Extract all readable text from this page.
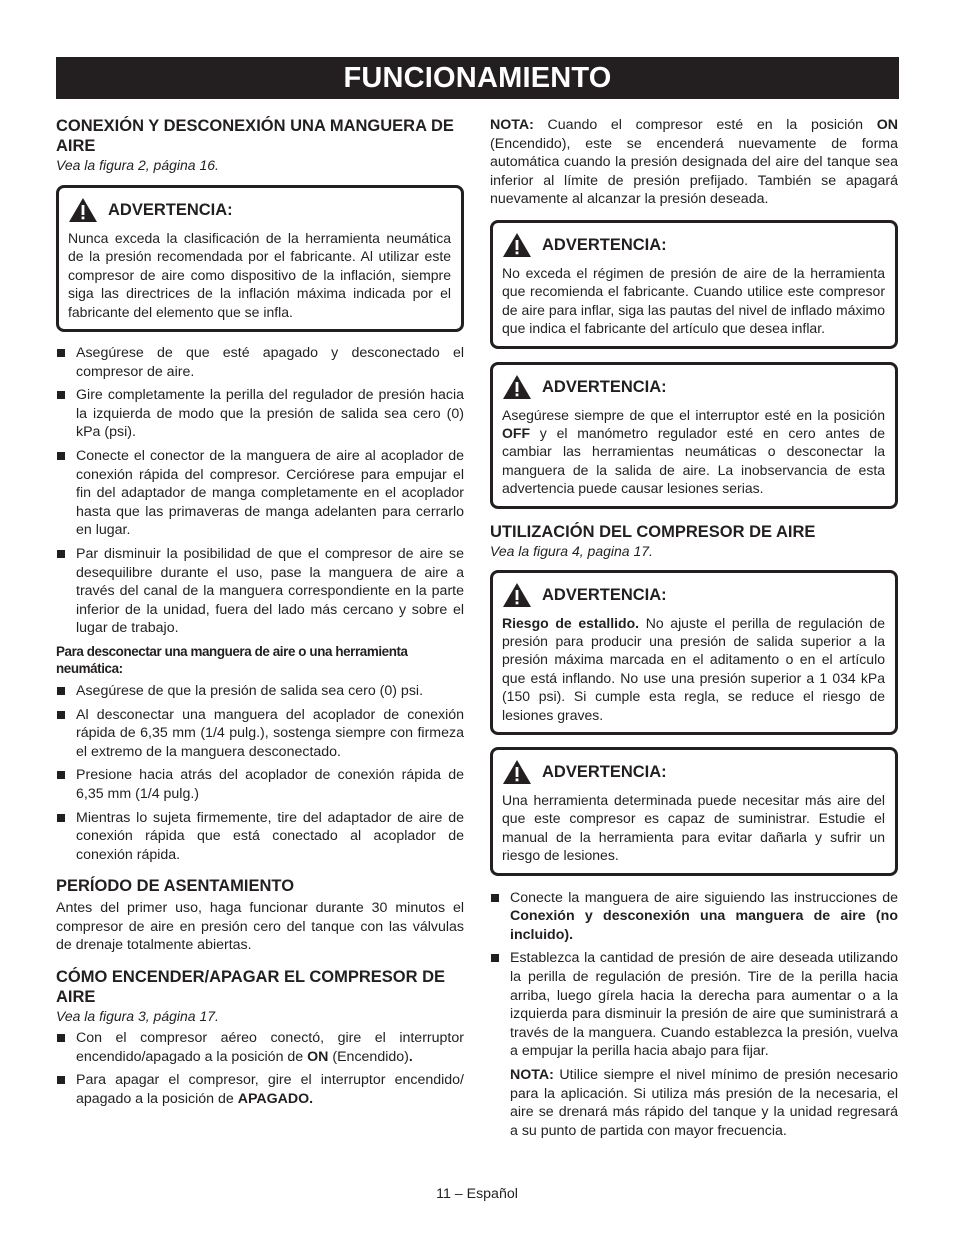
FUNCIONAMIENTO
CONEXIÓN Y DESCONEXIÓN UNA MANGUERA DE AIRE
Vea la figura 2, página 16.
ADVERTENCIA:

Nunca exceda la clasificación de la herramienta neumática de la presión recomendada por el fabricante. Al utilizar este compresor de aire como dispositivo de la inflación, siempre siga las directrices de la inflación máxima indicada por el fabricante del elemento que se infla.

Asegúrese de que esté apagado y desconectado el compresor de aire.
Gire completamente la perilla del regulador de presión hacia la izquierda de modo que la presión de salida sea cero (0) kPa (psi).
Conecte el conector de la manguera de aire al acoplador de conexión rápida del compresor. Cerciórese para empujar el fin del adaptador de manga completamente en el acoplador hasta que las primaveras de manga adelanten para cerrarlo en lugar.
Par disminuir la posibilidad de que el compresor de aire se desequilibre durante el uso, pase la manguera de aire a través del canal de la manguera correspondiente en la parte inferior de la unidad, fuera del lado más cercano y sobre el lugar de trabajo.
Para desconectar una manguera de aire o una herramienta neumática:
Asegúrese de que la presión de salida sea cero (0) psi.
Al desconectar una manguera del acoplador de conexión rápida de 6,35 mm (1/4 pulg.), sostenga siempre con firmeza el extremo de la manguera desconectado.
Presione hacia atrás del acoplador de conexión rápida de 6,35 mm (1/4 pulg.)
Mientras lo sujeta firmemente, tire del adaptador de aire de conexión rápida que está conectado al acoplador de conexión rápida.
PERÍODO DE ASENTAMIENTO

Antes del primer uso, haga funcionar durante 30 minutos el compresor de aire en presión cero del tanque con las válvulas de drenaje totalmente abiertas.

CÓMO ENCENDER/APAGAR EL COMPRESOR DE AIRE
Vea la figura 3, página 17.
Con el compresor aéreo conectó, gire el interruptor encendido/apagado a la posición de ON (Encendido).
Para apagar el compresor, gire el interruptor encendido/ apagado a la posición de APAGADO.

NOTA: Cuando el compresor esté en la posición ON (Encendido), este se encenderá nuevamente de forma automática cuando la presión designada del aire del tanque sea inferior al límite de presión prefijado. También se apagará nuevamente al alcanzar la presión deseada.

ADVERTENCIA:

No exceda el régimen de presión de aire de la herramienta que recomienda el fabricante. Cuando utilice este compresor de aire para inflar, siga las pautas del nivel de inflado máximo que indica el fabricante del artículo que desea inflar.

ADVERTENCIA:

Asegúrese siempre de que el interruptor esté en la posición OFF y el manómetro regulador esté en cero antes de cambiar las herramientas neumáticas o desconectar la manguera de la salida de aire. La inobservancia de esta advertencia puede causar lesiones serias.

UTILIZACIÓN DEL COMPRESOR DE AIRE
Vea la figura 4, pagina 17.
ADVERTENCIA:

Riesgo de estallido. No ajuste el perilla de regulación de presión para producir una presión de salida superior a la presión máxima marcada en el aditamento o en el artículo que está inflando. No use una presión superior a 1 034 kPa (150 psi). Si cumple esta regla, se reduce el riesgo de lesiones graves.

ADVERTENCIA:

Una herramienta determinada puede necesitar más aire del que este compresor es capaz de suministrar. Estudie el manual de la herramienta para evitar dañarla y sufrir un riesgo de lesiones.

Conecte la manguera de aire siguiendo las instrucciones de Conexión y desconexión una manguera de aire (no incluido).
Establezca la cantidad de presión de aire deseada utilizando la perilla de regulación de presión. Tire de la perilla hacia arriba, luego gírela hacia la derecha para aumentar o a la izquierda para disminuir la presión de aire que suministrará a través de la manguera. Cuando establezca la presión, vuelva a empujar la perilla hacia abajo para fijar.

NOTA: Utilice siempre el nivel mínimo de presión necesario para la aplicación. Si utiliza más presión de la necesaria, el aire se drenará más rápido del tanque y la unidad regresará a su punto de partida con mayor frecuencia.

11 – Español
